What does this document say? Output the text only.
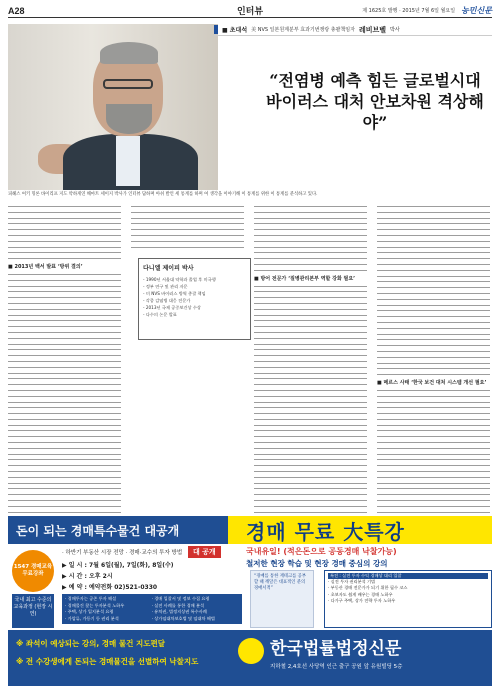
A28	인터뷰	제 1625호 발행 · 2015년 7월 6일 월요일 농민신문
■ 초대석 美 NVS 일본원계분부 효과기번쟁랑 총괄책임자 레비브벨 박사
“전염병 예측 힘든 글로벌시대
바이러스 대처 안보차원 격상해야”
피헤스 여키 밍론 바이리프 지도 약하게연 해마트 세이지 박사가 인터뷰 답하며 아쉬 발언 세 통계를 하며 여 생각을 이야기해 이 통계를 위한 이 통계를 분석하고 있다.
■ 2013년 백서 발표 ‘방위 결의’
■ 방어 전문가 ‘질병관리본부 역할 강화 필요’
■ 메르스 사태 ‘한국 보건 대처 시스템 개선 필요’
다니엘 제이피 박사
- 1990년 서울대 약학과 졸업 후 미국행
- 정부 연구 및 관리 자문
- 미 NVS 바이러스 방역 총괄 책임
- 각종 감염병 대응 전문가
- 2013년 국제 공중보건상 수상
- 다수의 논문 발표
돈이 되는 경매특수물건 대공개	경매 무료 大특강
1547 경매교육 무료강좌
국내 최고 수준의 교육과정 (현장 시연)
· 하반기 부동산 시장 전망 · 경매·교수의 투자 방법 대 공개
▶ 일 시 : 7월 6일(월), 7일(화), 8일(수)
▶ 시 간 : 오후 2시
▶ 예 약 : 예약전화 02)521-0330

· 경매투자는 공존 투자 해설

· 경매물건 찾는 투자분석 노하우

· 주택, 상가 입지분석 요령

· 가압류, 가등기 등 권리 분석

· 경매 입찰서 및 정보 수집 요령

· 실전 사례를 통한 경매 분석

· 유치권, 법정지상권 특수사례

· 상가임대차보호법 및 임대차 해법

국내유일! (적은돈으로 공동경매 낙찰가능)
철저한 현장 학습 및 현장 경매 중심의 강의
“경매를 통한 재테크를 공부할 때 깨달은 대표적인 분의 경매서적”
특전 : 실전 투자 수익 경매상 대리 입찰
· 실전 투자 권리분석 기법
· 부동산 경매 전문가가 되기 위한 필수 코스
· 초보자도 쉽게 배우는 경매 노하우
· 다가구 주택, 상가 전략 투자 노하우
※ 좌석이 예상되는 강의, 경매 물건 지도편달
※ 전 수강생에게 돈되는 경매물건을 선별하여 낙찰지도
한국법률법정신문
지하철 2,4호선 사당역 인근 출구 공원 앞 유원빌딩 5층
